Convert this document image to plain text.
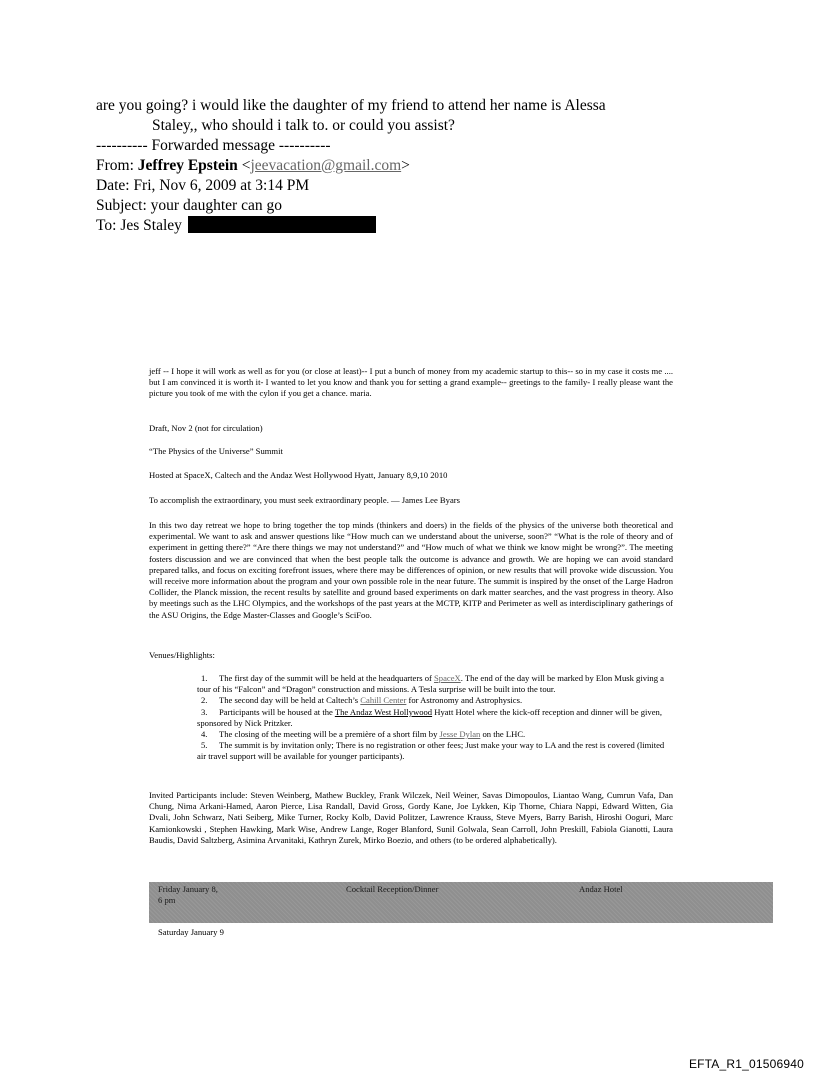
are you going? i would like the daughter of my friend to attend her name is Alessa
Staley,, who should i talk to. or could you assist?
---------- Forwarded message ----------
From: Jeffrey Epstein <jeevacation@gmail.com>
Date: Fri, Nov 6, 2009 at 3:14 PM
Subject: your daughter can go
To: Jes Staley

jeff -- I hope it will work as well as for you (or close at least)-- I put a bunch of money from my academic startup to this-- so in my case it costs me .... but I am convinced it is worth it- I wanted to let you know and thank you for setting a grand example-- greetings to the family- I really please want the picture you took of me with the cylon if you get a chance. maria.

Draft, Nov 2 (not for circulation)

“The Physics of the Universe” Summit

Hosted at SpaceX, Caltech and the Andaz West Hollywood Hyatt, January 8,9,10 2010

To accomplish the extraordinary, you must seek extraordinary people. — James Lee Byars

In this two day retreat we hope to bring together the top minds (thinkers and doers) in the fields of the physics of the universe both theoretical and experimental. We want to ask and answer questions like “How much can we understand about the universe, soon?” “What is the role of theory and of experiment in getting there?” “Are there things we may not understand?” and “How much of what we think we know might be wrong?”. The meeting fosters discussion and we are convinced that when the best people talk the outcome is advance and growth. We are hoping we can avoid standard prepared talks, and focus on exciting forefront issues, where there may be differences of opinion, or new results that will provoke wide discussion. You will receive more information about the program and your own possible role in the near future. The summit is inspired by the onset of the Large Hadron Collider, the Planck mission, the recent results by satellite and ground based experiments on dark matter searches, and the vast progress in theory. Also by meetings such as the LHC Olympics, and the workshops of the past years at the MCTP, KITP and Perimeter as well as interdisciplinary gatherings of the ASU Origins, the Edge Master-Classes and Google’s SciFoo.

Venues/Highlights:

1. The first day of the summit will be held at the headquarters of SpaceX. The end of the day will be marked by Elon Musk giving a tour of his “Falcon” and “Dragon” construction and missions. A Tesla surprise will be built into the tour.
2. The second day will be held at Caltech’s Cahill Center for Astronomy and Astrophysics.
3. Participants will be housed at the The Andaz West Hollywood Hyatt Hotel where the kick-off reception and dinner will be given, sponsored by Nick Pritzker.
4. The closing of the meeting will be a première of a short film by Jesse Dylan on the LHC.
5. The summit is by invitation only; There is no registration or other fees; Just make your way to LA and the rest is covered (limited air travel support will be available for younger participants).

Invited Participants include: Steven Weinberg, Mathew Buckley, Frank Wilczek, Neil Weiner, Savas Dimopoulos, Liantao Wang, Cumrun Vafa, Dan Chung, Nima Arkani-Hamed, Aaron Pierce, Lisa Randall, David Gross, Gordy Kane, Joe Lykken, Kip Thorne, Chiara Nappi, Edward Witten, Gia Dvali, John Schwarz, Nati Seiberg, Mike Turner, Rocky Kolb, David Politzer, Lawrence Krauss, Steve Myers, Barry Barish, Hiroshi Ooguri, Marc Kamionkowski , Stephen Hawking, Mark Wise, Andrew Lange, Roger Blanford, Sunil Golwala, Sean Carroll, John Preskill, Fabiola Gianotti, Laura Baudis, David Saltzberg, Asimina Arvanitaki, Kathryn Zurek, Mirko Boezio, and others (to be ordered alphabetically).

Friday January 8,
6 pm
Cocktail Reception/Dinner	Andaz Hotel
Saturday January 9
EFTA_R1_01506940
